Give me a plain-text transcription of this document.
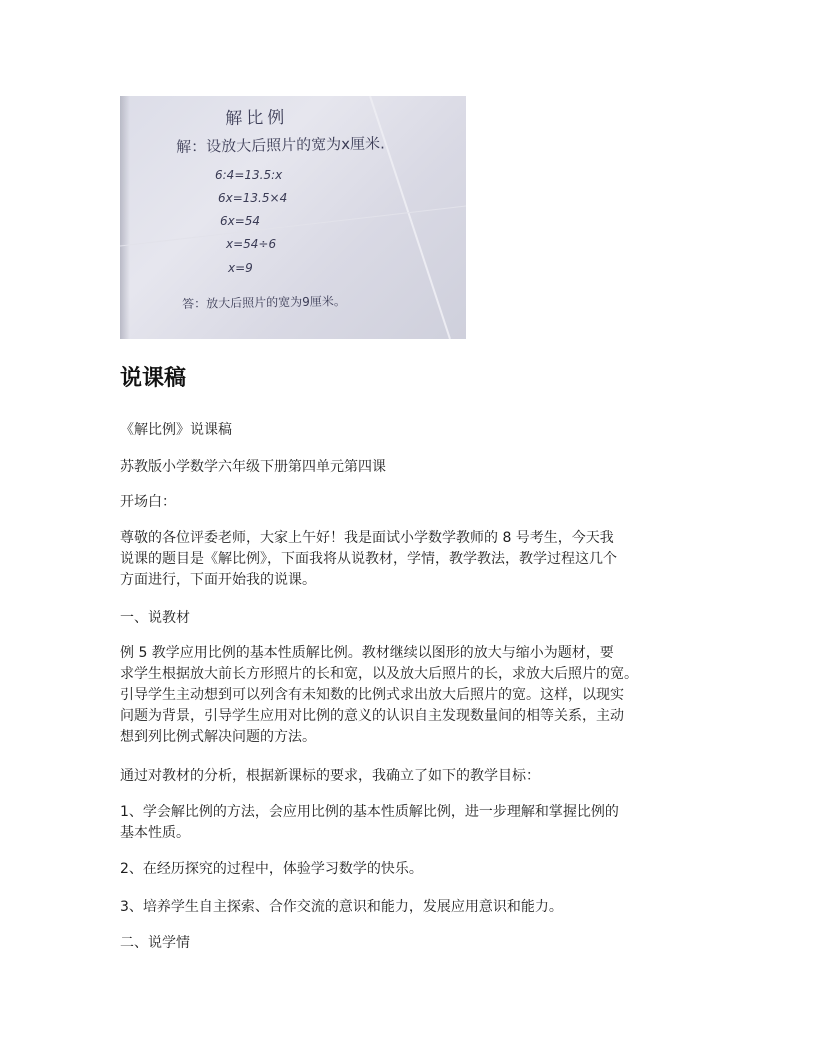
解比例
解：设放大后照片的宽为x厘米.
6:4=13.5:x
6x=13.5×4
6x=54
x=54÷6
x=9
答：放大后照片的宽为9厘米。
说课稿

《解比例》说课稿

苏教版小学数学六年级下册第四单元第四课

开场白：

尊敬的各位评委老师，大家上午好！我是面试小学数学教师的 8 号考生，今天我
说课的题目是《解比例》，下面我将从说教材，学情，教学教法，教学过程这几个
方面进行，下面开始我的说课。

一、说教材

例 5 教学应用比例的基本性质解比例。教材继续以图形的放大与缩小为题材，要
求学生根据放大前长方形照片的长和宽，以及放大后照片的长，求放大后照片的宽。
引导学生主动想到可以列含有未知数的比例式求出放大后照片的宽。这样，以现实
问题为背景，引导学生应用对比例的意义的认识自主发现数量间的相等关系，主动
想到列比例式解决问题的方法。

通过对教材的分析，根据新课标的要求，我确立了如下的教学目标：

1、学会解比例的方法，会应用比例的基本性质解比例，进一步理解和掌握比例的
基本性质。

2、在经历探究的过程中，体验学习数学的快乐。

3、培养学生自主探索、合作交流的意识和能力，发展应用意识和能力。

二、说学情
